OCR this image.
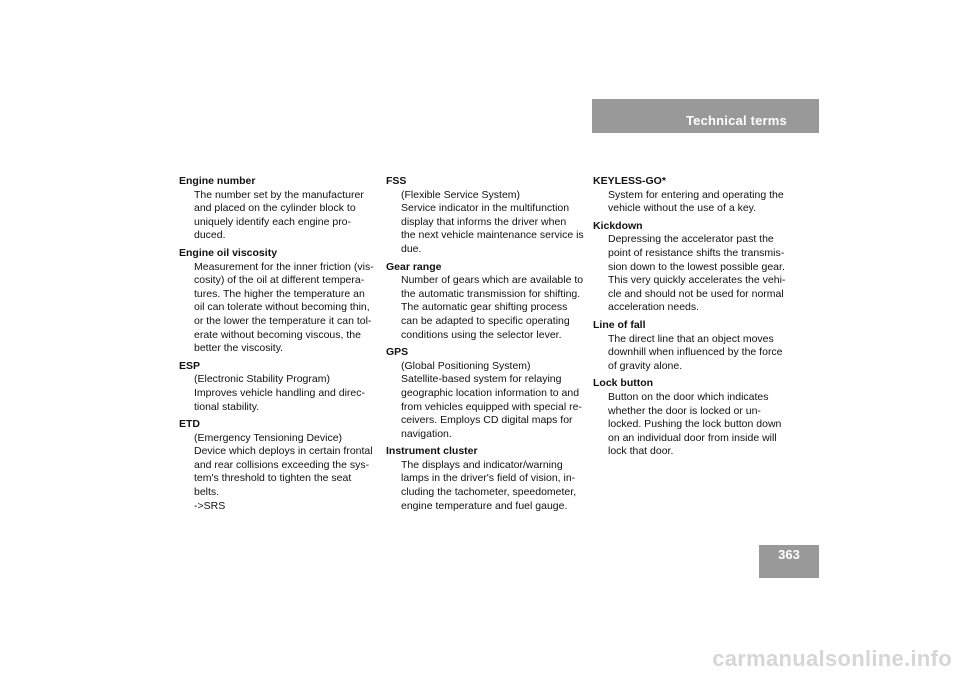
Technical terms

Engine number

The number set by the manufacturer
and placed on the cylinder block to
uniquely identify each engine pro-
duced.

Engine oil viscosity

Measurement for the inner friction (vis-
cosity) of the oil at different tempera-
tures. The higher the temperature an
oil can tolerate without becoming thin,
or the lower the temperature it can tol-
erate without becoming viscous, the
better the viscosity.

ESP

(Electronic Stability Program)
Improves vehicle handling and direc-
tional stability.

ETD

(Emergency Tensioning Device)
Device which deploys in certain frontal
and rear collisions exceeding the sys-
tem's threshold to tighten the seat
belts.
->SRS

FSS

(Flexible Service System)
Service indicator in the multifunction
display that informs the driver when
the next vehicle maintenance service is
due.

Gear range

Number of gears which are available to
the automatic transmission for shifting.
The automatic gear shifting process
can be adapted to specific operating
conditions using the selector lever.

GPS

(Global Positioning System)
Satellite-based system for relaying
geographic location information to and
from vehicles equipped with special re-
ceivers. Employs CD digital maps for
navigation.

Instrument cluster

The displays and indicator/warning
lamps in the driver's field of vision, in-
cluding the tachometer, speedometer,
engine temperature and fuel gauge.

KEYLESS-GO*

System for entering and operating the
vehicle without the use of a key.

Kickdown

Depressing the accelerator past the
point of resistance shifts the transmis-
sion down to the lowest possible gear.
This very quickly accelerates the vehi-
cle and should not be used for normal
acceleration needs.

Line of fall

The direct line that an object moves
downhill when influenced by the force
of gravity alone.

Lock button

Button on the door which indicates
whether the door is locked or un-
locked. Pushing the lock button down
on an individual door from inside will
lock that door.

363
carmanualsonline.info
